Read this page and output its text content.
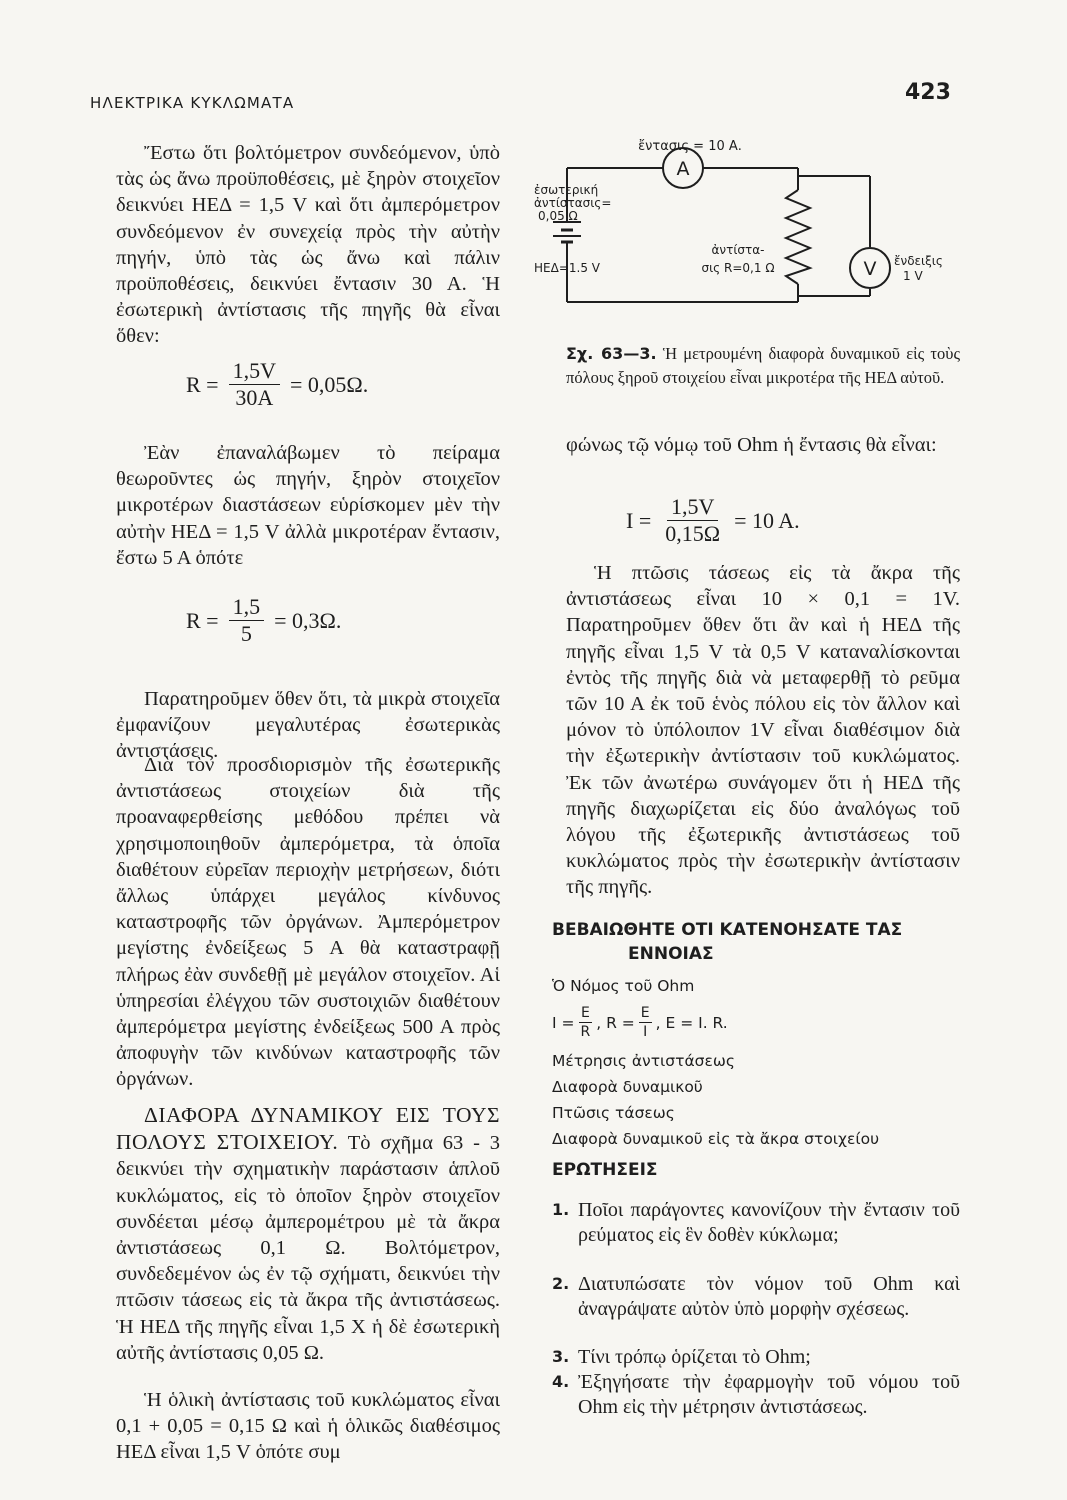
ΗΛΕΚΤΡΙΚΑ ΚΥΚΛΩΜΑΤΑ	423

Ἔστω ὅτι βολτόμετρον συνδεόμενον, ὑπὸ τὰς ὡς ἄνω προϋποθέσεις, μὲ ξηρὸν στοιχεῖον δεικνύει ΗΕΔ = 1,5 V καὶ ὅτι ἀμπερόμετρον συνδεόμενον ἐν συνεχείᾳ πρὸς τὴν αὐτὴν πηγήν, ὑπὸ τὰς ὡς ἄνω καὶ πάλιν προϋποθέσεις, δεικνύει ἔντασιν 30 Α. Ἡ ἐσωτερικὴ ἀντίστασις τῆς πηγῆς θὰ εἶναι ὅθεν:

$R = \frac{1,5V}{30A} = 0,05\Omega$.

Ἐὰν ἐπαναλάβωμεν τὸ πείραμα θεωροῦντες ὡς πηγήν, ξηρὸν στοιχεῖον μικροτέρων διαστάσεων εὑρίσκομεν μὲν τὴν αὐτὴν ΗΕΔ = 1,5 V ἀλλὰ μικροτέραν ἔντασιν, ἔστω 5 Α ὁπότε

$R = \frac{1,5}{5} = 0,3\Omega$.

Παρατηροῦμεν ὅθεν ὅτι, τὰ μικρὰ στοιχεῖα ἐμφανίζουν μεγαλυτέρας ἐσωτερικὰς ἀντιστάσεις.

Διὰ τὸν προσδιορισμὸν τῆς ἐσωτερικῆς ἀντιστάσεως στοιχείων διὰ τῆς προαναφερθείσης μεθόδου πρέπει νὰ χρησιμοποιηθοῦν ἀμπερόμετρα, τὰ ὁποῖα διαθέτουν εὐρεῖαν περιοχὴν μετρήσεων, διότι ἄλλως ὑπάρχει μεγάλος κίνδυνος καταστροφῆς τῶν ὀργάνων. Ἀμπερόμετρον μεγίστης ἐνδείξεως 5 Α θὰ καταστραφῇ πλήρως ἐὰν συνδεθῇ μὲ μεγάλον στοιχεῖον. Αἱ ὑπηρεσίαι ἐλέγχου τῶν συστοιχιῶν διαθέτουν ἀμπερόμετρα μεγίστης ἐνδείξεως 500 Α πρὸς ἀποφυγὴν τῶν κινδύνων καταστροφῆς τῶν ὀργάνων.

ΔΙΑΦΟΡΑ ΔΥΝΑΜΙΚΟΥ ΕΙΣ ΤΟΥΣ ΠΟΛΟΥΣ ΣΤΟΙΧΕΙΟΥ. Τὸ σχῆμα 63 - 3 δεικνύει τὴν σχηματικὴν παράστασιν ἁπλοῦ κυκλώματος, εἰς τὸ ὁποῖον ξηρὸν στοιχεῖον συνδέεται μέσῳ ἀμπερομέτρου μὲ τὰ ἄκρα ἀντιστάσεως 0,1 Ω. Βολτόμετρον, συνδεδεμένον ὡς ἐν τῷ σχήματι, δεικνύει τὴν πτῶσιν τάσεως εἰς τὰ ἄκρα τῆς ἀντιστάσεως. Ἡ ΗΕΔ τῆς πηγῆς εἶναι 1,5 Χ ἡ δὲ ἐσωτερικὴ αὐτῆς ἀντίστασις 0,05 Ω.

Ἡ ὁλικὴ ἀντίστασις τοῦ κυκλώματος εἶναι 0,1 + 0,05 = 0,15 Ω καὶ ἡ ὁλικῶς διαθέσιμος ΗΕΔ εἶναι 1,5 V ὁπότε συμ

A
V
ἔντασις = 10 Α.
ἐσωτερική
ἀντίστασις=
0,05 Ω
ΗΕΔ=1.5 V
ἀντίστα-
σις R=0,1 Ω	ἔνδειξις
1 V
Σχ. 63—3. Ἡ μετρουμένη διαφορὰ δυναμικοῦ εἰς τοὺς πόλους ξηροῦ στοιχείου εἶναι μικροτέρα τῆς ΗΕΔ αὐτοῦ.

φώνως τῷ νόμῳ τοῦ Ohm ἡ ἔντασις θὰ εἶναι:

$I = \frac{1,5V}{0,15\Omega} = 10$ A.

Ἡ πτῶσις τάσεως εἰς τὰ ἄκρα τῆς ἀντιστάσεως εἶναι 10 × 0,1 = 1V. Παρατηροῦμεν ὅθεν ὅτι ἂν καὶ ἡ ΗΕΔ τῆς πηγῆς εἶναι 1,5 V τὰ 0,5 V καταναλίσκονται ἐντὸς τῆς πηγῆς διὰ νὰ μεταφερθῇ τὸ ρεῦμα τῶν 10 Α ἐκ τοῦ ἑνὸς πόλου εἰς τὸν ἄλλον καὶ μόνον τὸ ὑπόλοιπον 1V εἶναι διαθέσιμον διὰ τὴν ἐξωτερικὴν ἀντίστασιν τοῦ κυκλώματος. Ἐκ τῶν ἀνωτέρω συνάγομεν ὅτι ἡ ΗΕΔ τῆς πηγῆς διαχωρίζεται εἰς δύο ἀναλόγως τοῦ λόγου τῆς ἐξωτερικῆς ἀντιστάσεως τοῦ κυκλώματος πρὸς τὴν ἐσωτερικὴν ἀντίστασιν τῆς πηγῆς.

ΒΕΒΑΙΩΘΗΤΕ ΟΤΙ ΚΑΤΕΝΟΗΣΑΤΕ ΤΑΣ
ΕΝΝΟΙΑΣ
Ὁ Νόμος τοῦ Ohm
$I = \frac{E}{R}$ , $R = \frac{E}{I}$ , E = I. R.
Μέτρησις ἀντιστάσεως
Διαφορὰ δυναμικοῦ
Πτῶσις τάσεως
Διαφορὰ δυναμικοῦ εἰς τὰ ἄκρα στοιχείου
ΕΡΩΤΗΣΕΙΣ
1. Ποῖοι παράγοντες κανονίζουν τὴν ἔντασιν τοῦ ρεύματος εἰς ἓν δοθὲν κύκλωμα;
2. Διατυπώσατε τὸν νόμον τοῦ Ohm καὶ ἀναγράψατε αὐτὸν ὑπὸ μορφὴν σχέσεως.
3. Τίνι τρόπῳ ὁρίζεται τὸ Ohm;
4. Ἐξηγήσατε τὴν ἐφαρμογὴν τοῦ νόμου τοῦ Ohm εἰς τὴν μέτρησιν ἀντιστάσεως.
